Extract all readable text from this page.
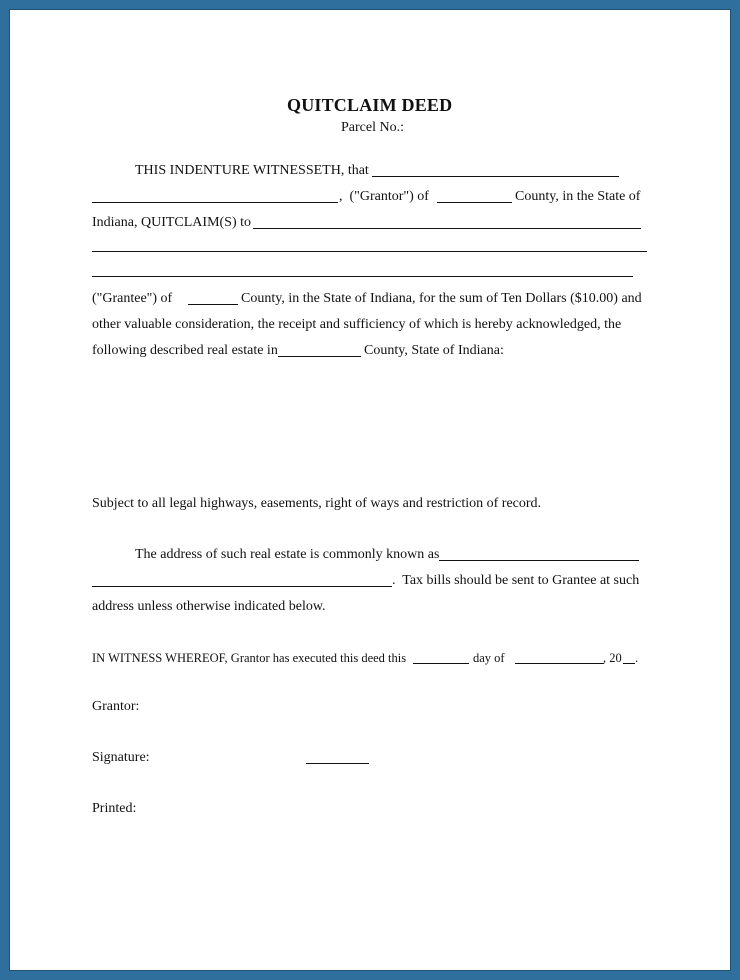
QUITCLAIM DEED
Parcel No.:
THIS INDENTURE WITNESSETH, that
,  ("Grantor") of	County, in the State of
Indiana, QUITCLAIM(S) to
("Grantee") of	County, in the State of Indiana, for the sum of Ten Dollars ($10.00) and
other valuable consideration, the receipt and sufficiency of which is hereby acknowledged, the
following described real estate in	County, State of Indiana:
Subject to all legal highways, easements, right of ways and restriction of record.
The address of such real estate is commonly known as
.  Tax bills should be sent to Grantee at such
address unless otherwise indicated below.
IN WITNESS WHEREOF, Grantor has executed this deed this	day of	, 20 .
Grantor:
Signature:
Printed:
